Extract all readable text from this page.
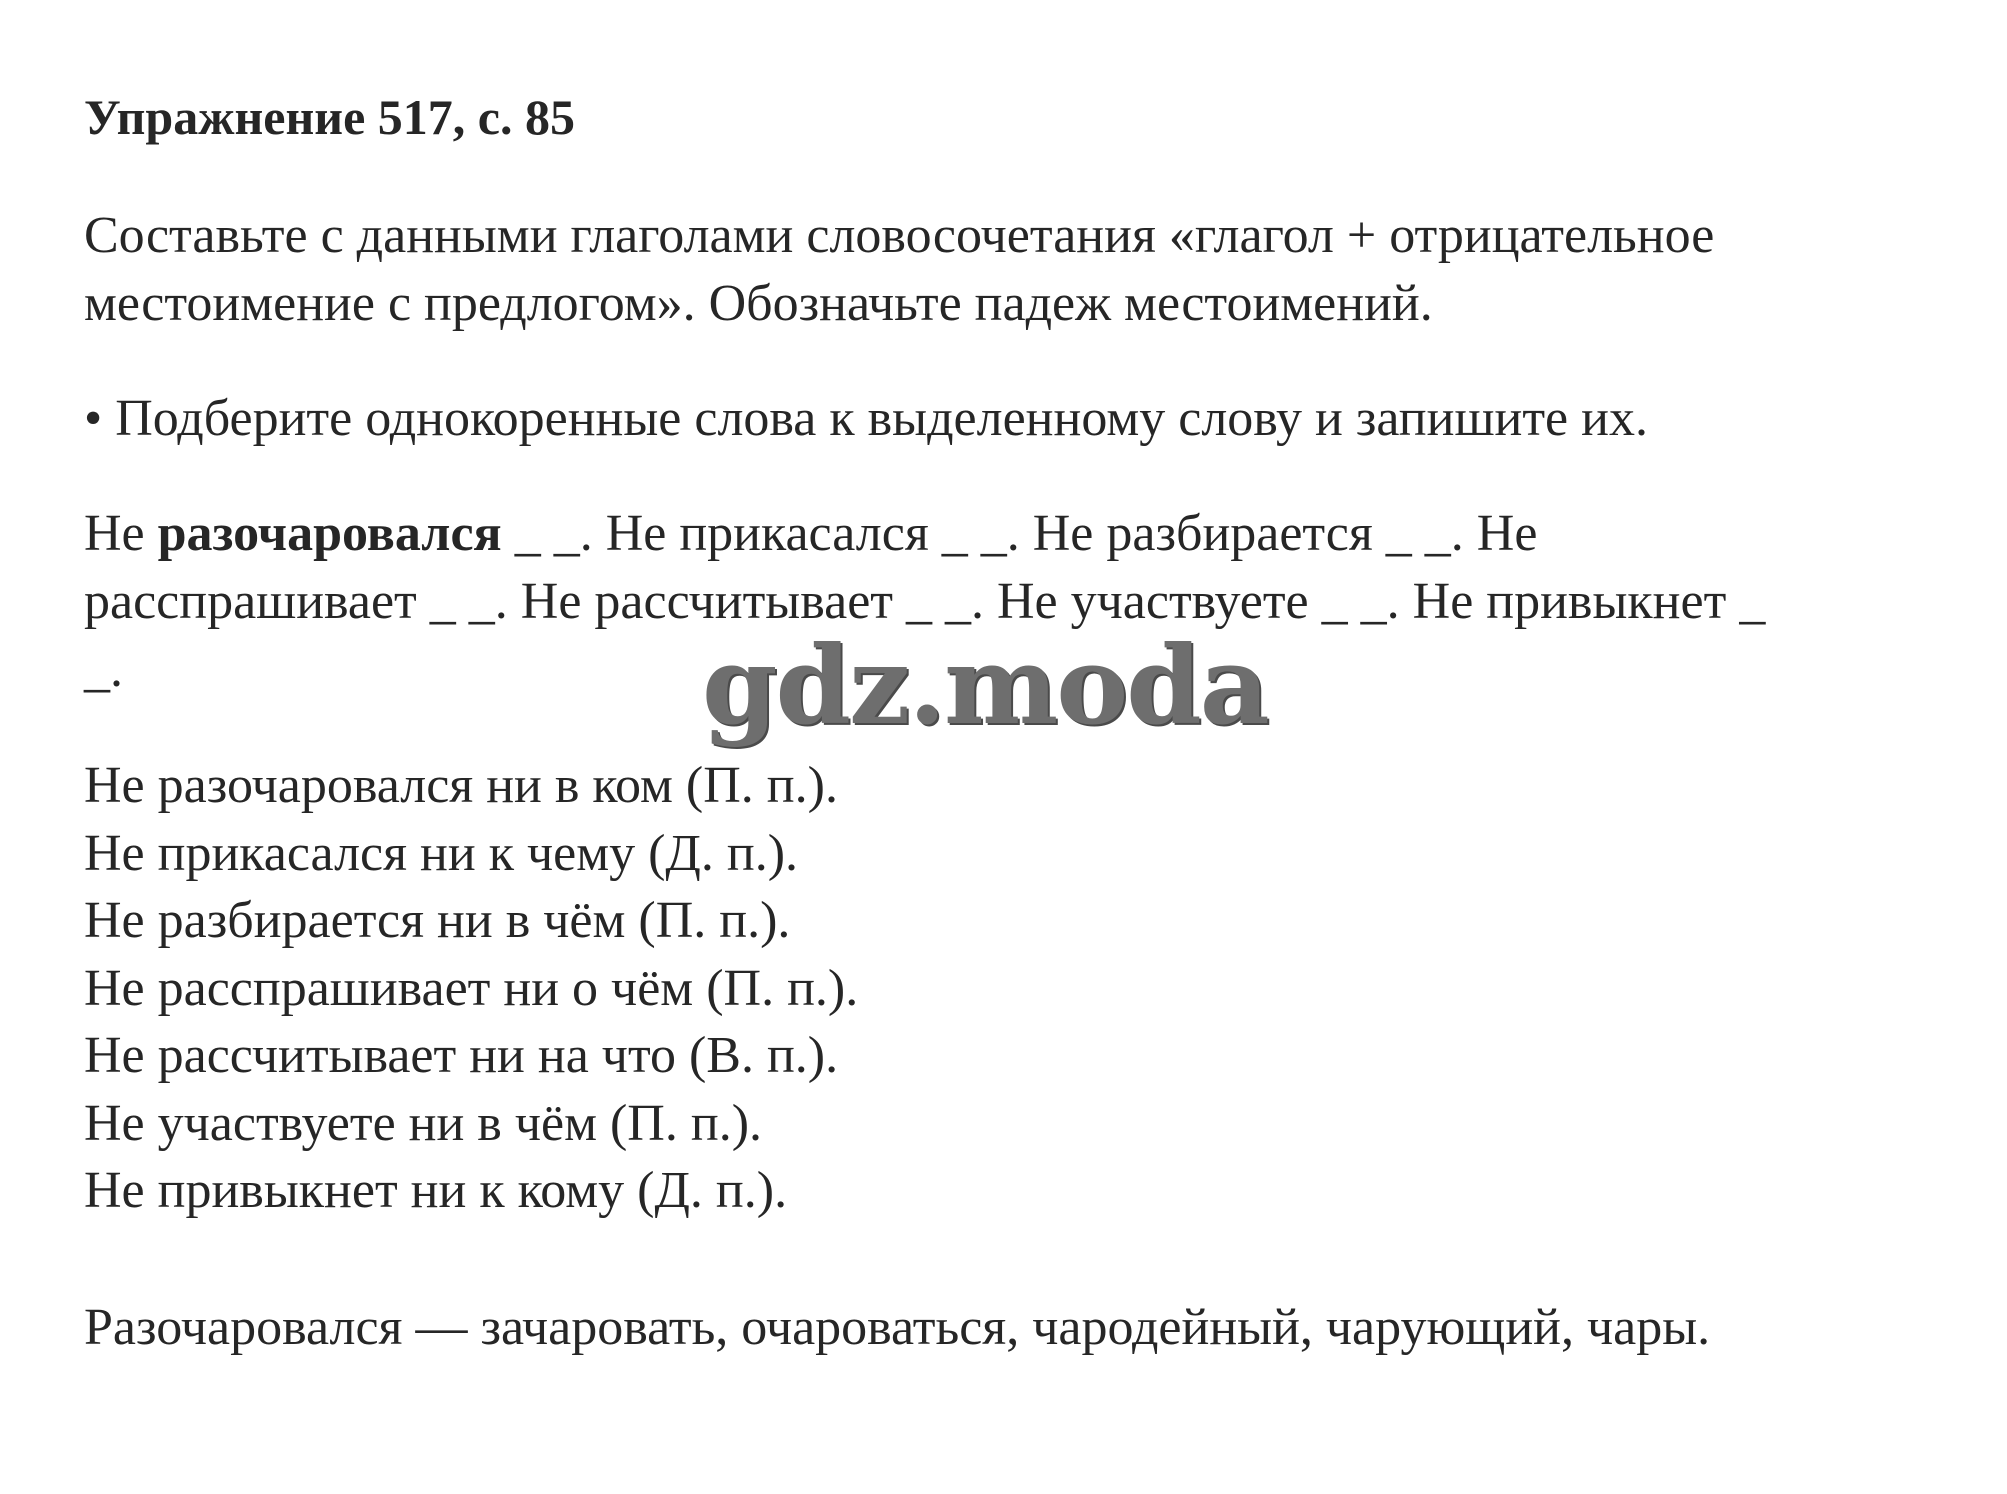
Упражнение 517, с. 85
Составьте с данными глаголами словосочетания «глагол + отрицательное
местоимение с предлогом». Обозначьте падеж местоимений.
• Подберите однокоренные слова к выделенному слову и запишите их.
Не разочаровался _ _. Не прикасался _ _. Не разбирается _ _. Не
расспрашивает _ _. Не рассчитывает _ _. Не участвуете _ _. Не привыкнет _
_.	gdz.moda
Не разочаровался ни в ком (П. п.).
Не прикасался ни к чему (Д. п.).
Не разбирается ни в чём (П. п.).
Не расспрашивает ни о чём (П. п.).
Не рассчитывает ни на что (В. п.).
Не участвуете ни в чём (П. п.).
Не привыкнет ни к кому (Д. п.).
Разочаровался — зачаровать, очароваться, чародейный, чарующий, чары.
